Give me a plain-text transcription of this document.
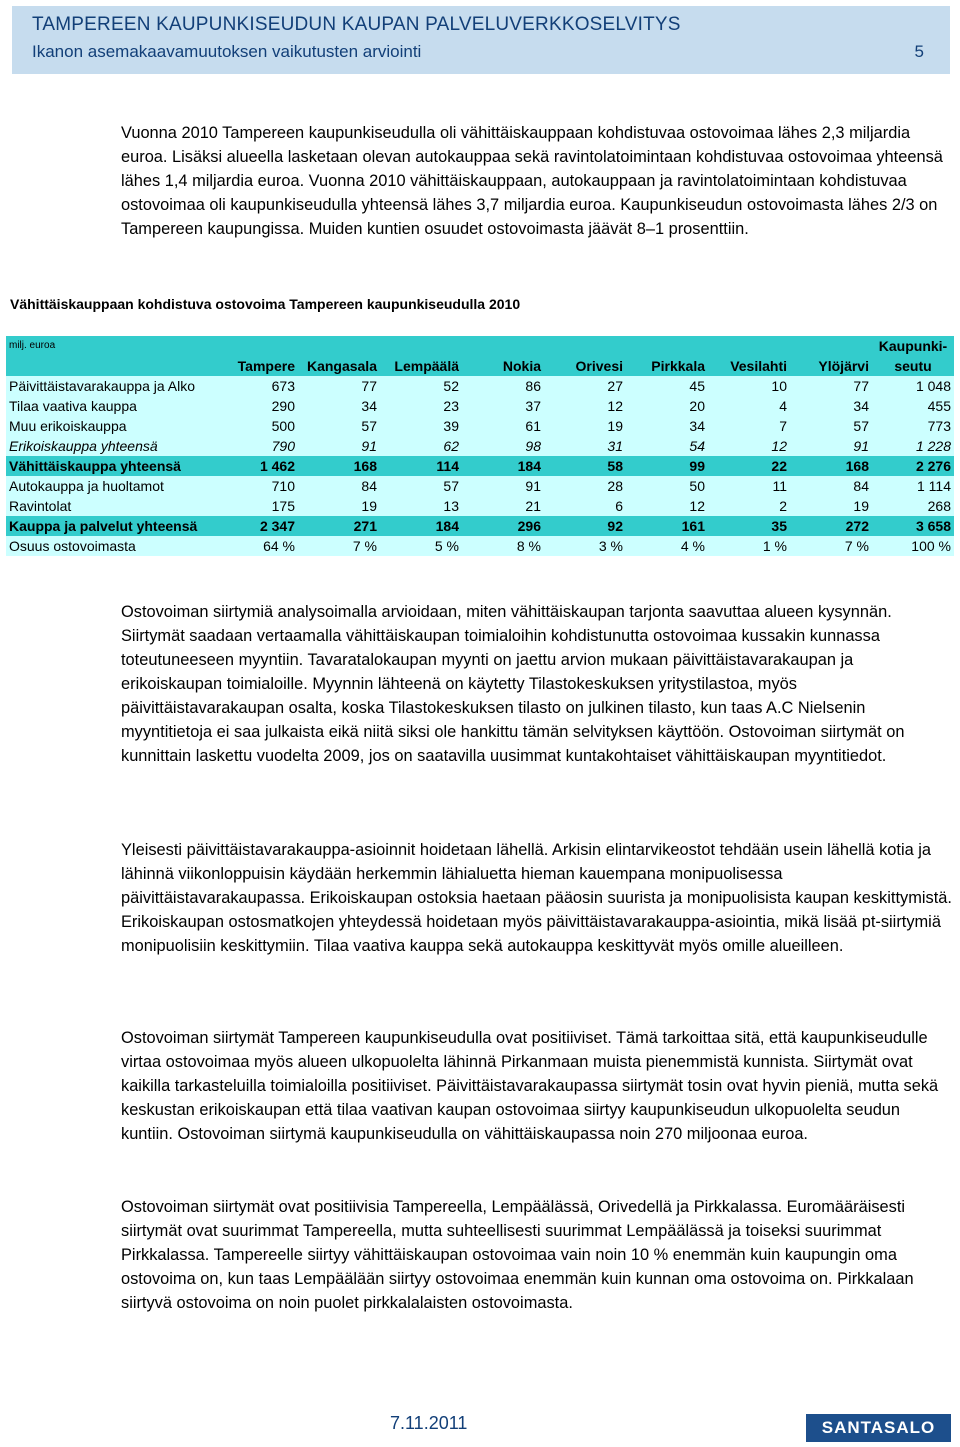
TAMPEREEN KAUPUNKISEUDUN KAUPAN PALVELUVERKKOSELVITYS
Ikanon asemakaavamuutoksen vaikutusten arviointi	5

Vuonna 2010 Tampereen kaupunkiseudulla oli vähittäiskauppaan kohdistuvaa ostovoimaa lähes 2,3 miljardia euroa. Lisäksi alueella lasketaan olevan autokauppaa sekä ravintolatoimintaan kohdistuvaa ostovoimaa yhteensä lähes 1,4 miljardia euroa. Vuonna 2010 vähittäiskauppaan, autokauppaan ja ravintolatoimintaan kohdistuvaa ostovoimaa oli kaupunkiseudulla yhteensä lähes 3,7 miljardia euroa. Kaupunkiseudun ostovoimasta lähes 2/3 on Tampereen kaupungissa. Muiden kuntien osuudet ostovoimasta jäävät 8–1 prosenttiin.

Vähittäiskauppaan kohdistuva ostovoima Tampereen kaupunkiseudulla 2010

$^{milj. euroa}$									Kaupunki-
	Tampere	Kangasala	Lempäälä	Nokia	Orivesi	Pirkkala	Vesilahti	Ylöjärvi	seutu
Päivittäistavarakauppa ja Alko	673	77	52	86	27	45	10	77	1 048
Tilaa vaativa kauppa	290	34	23	37	12	20	4	34	455
Muu erikoiskauppa	500	57	39	61	19	34	7	57	773
Erikoiskauppa yhteensä	790	91	62	98	31	54	12	91	1 228
Vähittäiskauppa yhteensä	1 462	168	114	184	58	99	22	168	2 276
Autokauppa ja huoltamot	710	84	57	91	28	50	11	84	1 114
Ravintolat	175	19	13	21	6	12	2	19	268
Kauppa ja palvelut yhteensä	2 347	271	184	296	92	161	35	272	3 658
Osuus ostovoimasta	64 %	7 %	5 %	8 %	3 %	4 %	1 %	7 %	100 %

Ostovoiman siirtymiä analysoimalla arvioidaan, miten vähittäiskaupan tarjonta saavuttaa alueen kysynnän. Siirtymät saadaan vertaamalla vähittäiskaupan toimialoihin kohdistunutta ostovoimaa kussakin kunnassa toteutuneeseen myyntiin. Tavaratalokaupan myynti on jaettu arvion mukaan päivittäistavarakaupan ja erikoiskaupan toimialoille. Myynnin lähteenä on käytetty Tilastokeskuksen yritystilastoa, myös päivittäistavarakaupan osalta, koska Tilastokeskuksen tilasto on julkinen tilasto, kun taas A.C Nielsenin myyntitietoja ei saa julkaista eikä niitä siksi ole hankittu tämän selvityksen käyttöön. Ostovoiman siirtymät on kunnittain laskettu vuodelta 2009, jos on saatavilla uusimmat kuntakohtaiset vähittäiskaupan myyntitiedot.

Yleisesti päivittäistavarakauppa-asioinnit hoidetaan lähellä. Arkisin elintarvikeostot tehdään usein lähellä kotia ja lähinnä viikonloppuisin käydään herkemmin lähialuetta hieman kauempana monipuolisessa päivittäistavarakaupassa. Erikoiskaupan ostoksia haetaan pääosin suurista ja monipuolisista kaupan keskittymistä. Erikoiskaupan ostosmatkojen yhteydessä hoidetaan myös päivittäistavarakauppa-asiointia, mikä lisää pt-siirtymiä monipuolisiin keskittymiin. Tilaa vaativa kauppa sekä autokauppa keskittyvät myös omille alueilleen.

Ostovoiman siirtymät Tampereen kaupunkiseudulla ovat positiiviset. Tämä tarkoittaa sitä, että kaupunkiseudulle virtaa ostovoimaa myös alueen ulkopuolelta lähinnä Pirkanmaan muista pienemmistä kunnista. Siirtymät ovat kaikilla tarkasteluilla toimialoilla positiiviset. Päivittäistavarakaupassa siirtymät tosin ovat hyvin pieniä, mutta sekä keskustan erikoiskaupan että tilaa vaativan kaupan ostovoimaa siirtyy kaupunkiseudun ulkopuolelta seudun kuntiin. Ostovoiman siirtymä kaupunkiseudulla on vähittäiskaupassa noin 270 miljoonaa euroa.

Ostovoiman siirtymät ovat positiivisia Tampereella, Lempäälässä, Orivedellä ja Pirkkalassa. Euromääräisesti siirtymät ovat suurimmat Tampereella, mutta suhteellisesti suurimmat Lempäälässä ja toiseksi suurimmat Pirkkalassa. Tampereelle siirtyy vähittäiskaupan ostovoimaa vain noin 10 % enemmän kuin kaupungin oma ostovoima on, kun taas Lempäälään siirtyy ostovoimaa enemmän kuin kunnan oma ostovoima on. Pirkkalaan siirtyvä ostovoima on noin puolet pirkkalalaisten ostovoimasta.

7.11.2011	SANTASALO
